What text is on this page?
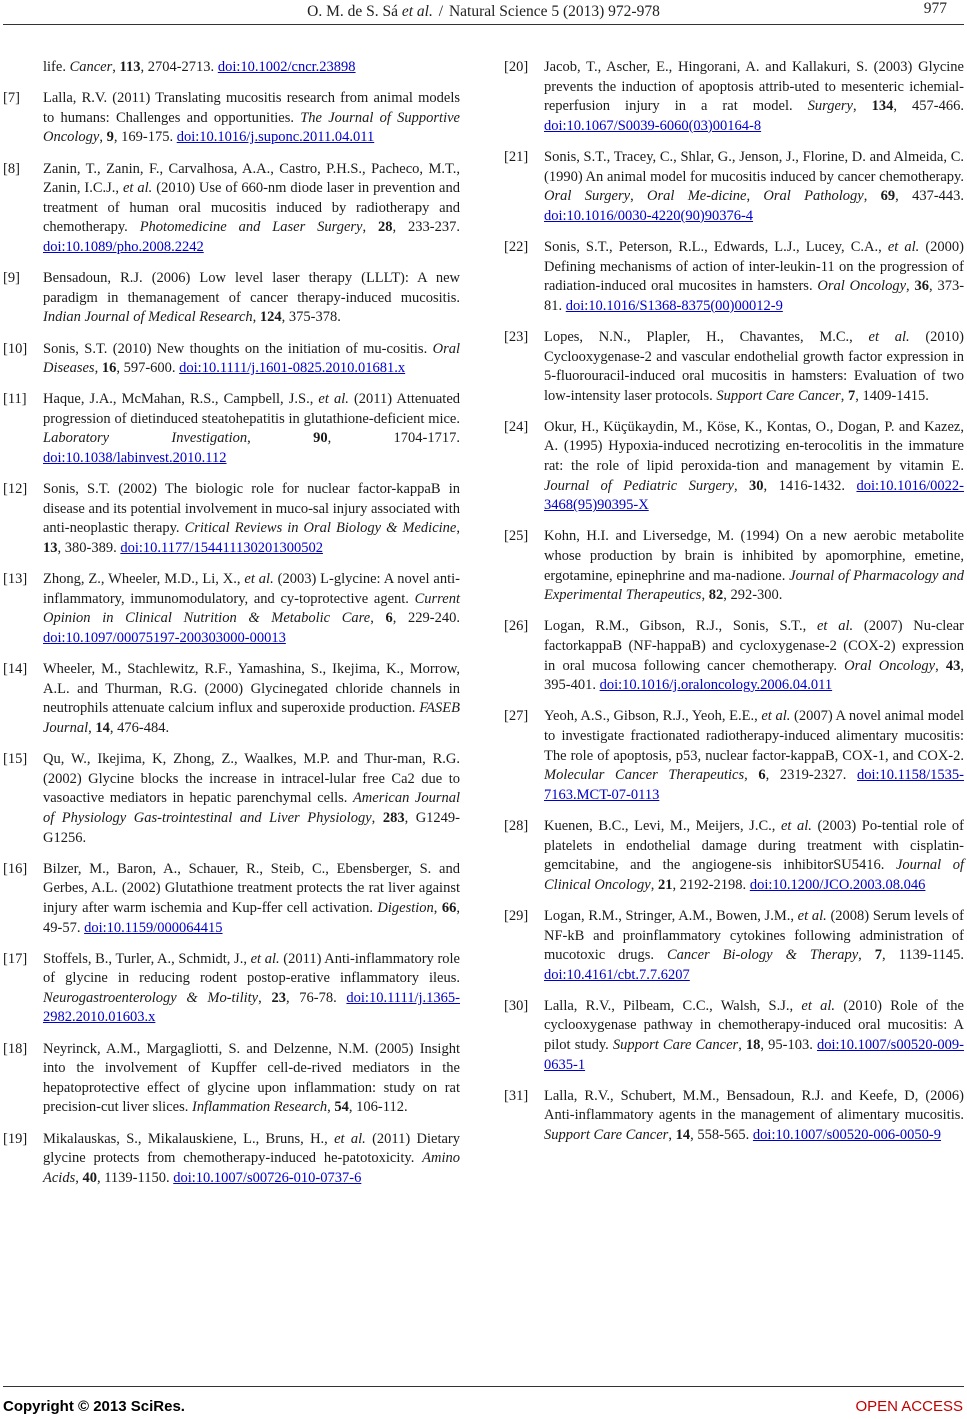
O. M. de S. Sá et al. / Natural Science 5 (2013) 972-978	977
life. Cancer, 113, 2704-2713. doi:10.1002/cncr.23898
[7]	Lalla, R.V. (2011) Translating mucositis research from animal models to humans: Challenges and opportunities. The Journal of Supportive Oncology, 9, 169-175. doi:10.1016/j.suponc.2011.04.011
[8]	Zanin, T., Zanin, F., Carvalhosa, A.A., Castro, P.H.S., Pacheco, M.T., Zanin, I.C.J., et al. (2010) Use of 660-nm diode laser in prevention and treatment of human oral mucositis induced by radiotherapy and chemotherapy. Photomedicine and Laser Surgery, 28, 233-237. doi:10.1089/pho.2008.2242
[9]	Bensadoun, R.J. (2006) Low level laser therapy (LLLT): A new paradigm in themanagement of cancer therapy-induced mucositis. Indian Journal of Medical Research, 124, 375-378.
[10]	Sonis, S.T. (2010) New thoughts on the initiation of mu-cositis. Oral Diseases, 16, 597-600. doi:10.1111/j.1601-0825.2010.01681.x
[11]	Haque, J.A., McMahan, R.S., Campbell, J.S., et al. (2011) Attenuated progression of dietinduced steatohepatitis in glutathione-deficient mice. Laboratory Investigation, 90, 1704-1717. doi:10.1038/labinvest.2010.112
[12]	Sonis, S.T. (2002) The biologic role for nuclear factor-kappaB in disease and its potential involvement in muco-sal injury associated with anti-neoplastic therapy. Critical Reviews in Oral Biology & Medicine, 13, 380-389. doi:10.1177/154411130201300502
[13]	Zhong, Z., Wheeler, M.D., Li, X., et al. (2003) L-glycine: A novel anti-inflammatory, immunomodulatory, and cy-toprotective agent. Current Opinion in Clinical Nutrition & Metabolic Care, 6, 229-240. doi:10.1097/00075197-200303000-00013
[14]	Wheeler, M., Stachlewitz, R.F., Yamashina, S., Ikejima, K., Morrow, A.L. and Thurman, R.G. (2000) Glycinegated chloride channels in neutrophils attenuate calcium influx and superoxide production. FASEB Journal, 14, 476-484.
[15]	Qu, W., Ikejima, K, Zhong, Z., Waalkes, M.P. and Thur-man, R.G. (2002) Glycine blocks the increase in intracel-lular free Ca2 due to vasoactive mediators in hepatic parenchymal cells. American Journal of Physiology Gas-trointestinal and Liver Physiology, 283, G1249-G1256.
[16]	Bilzer, M., Baron, A., Schauer, R., Steib, C., Ebensberger, S. and Gerbes, A.L. (2002) Glutathione treatment protects the rat liver against injury after warm ischemia and Kup-ffer cell activation. Digestion, 66, 49-57. doi:10.1159/000064415
[17]	Stoffels, B., Turler, A., Schmidt, J., et al. (2011) Anti-inflammatory role of glycine in reducing rodent postop-erative inflammatory ileus. Neurogastroenterology & Mo-tility, 23, 76-78. doi:10.1111/j.1365-2982.2010.01603.x
[18]	Neyrinck, A.M., Margagliotti, S. and Delzenne, N.M. (2005) Insight into the involvement of Kupffer cell-de-rived mediators in the hepatoprotective effect of glycine upon inflammation: study on rat precision-cut liver slices. Inflammation Research, 54, 106-112.
[19]	Mikalauskas, S., Mikalauskiene, L., Bruns, H., et al. (2011) Dietary glycine protects from chemotherapy-induced he-patotoxicity. Amino Acids, 40, 1139-1150. doi:10.1007/s00726-010-0737-6
[20]	Jacob, T., Ascher, E., Hingorani, A. and Kallakuri, S. (2003) Glycine prevents the induction of apoptosis attrib-uted to mesenteric ichemial-reperfusion injury in a rat model. Surgery, 134, 457-466. doi:10.1067/S0039-6060(03)00164-8
[21]	Sonis, S.T., Tracey, C., Shlar, G., Jenson, J., Florine, D. and Almeida, C. (1990) An animal model for mucositis induced by cancer chemotherapy. Oral Surgery, Oral Me-dicine, Oral Pathology, 69, 437-443. doi:10.1016/0030-4220(90)90376-4
[22]	Sonis, S.T., Peterson, R.L., Edwards, L.J., Lucey, C.A., et al. (2000) Defining mechanisms of action of inter-leukin-11 on the progression of radiation-induced oral mucosites in hamsters. Oral Oncology, 36, 373-81. doi:10.1016/S1368-8375(00)00012-9
[23]	Lopes, N.N., Plapler, H., Chavantes, M.C., et al. (2010) Cyclooxygenase-2 and vascular endothelial growth factor expression in 5-fluorouracil-induced oral mucositis in hamsters: Evaluation of two low-intensity laser protocols. Support Care Cancer, 7, 1409-1415.
[24]	Okur, H., Küçükaydin, M., Köse, K., Kontas, O., Dogan, P. and Kazez, A. (1995) Hypoxia-induced necrotizing en-terocolitis in the immature rat: the role of lipid peroxida-tion and management by vitamin E. Journal of Pediatric Surgery, 30, 1416-1432. doi:10.1016/0022-3468(95)90395-X
[25]	Kohn, H.I. and Liversedge, M. (1994) On a new aerobic metabolite whose production by brain is inhibited by apomorphine, emetine, ergotamine, epinephrine and ma-nadione. Journal of Pharmacology and Experimental Therapeutics, 82, 292-300.
[26]	Logan, R.M., Gibson, R.J., Sonis, S.T., et al. (2007) Nu-clear factorkappaB (NF-happaB) and cycloxygenase-2 (COX-2) expression in oral mucosa following cancer chemotherapy. Oral Oncology, 43, 395-401. doi:10.1016/j.oraloncology.2006.04.011
[27]	Yeoh, A.S., Gibson, R.J., Yeoh, E.E., et al. (2007) A novel animal model to investigate fractionated radiotherapy-induced alimentary mucositis: The role of apoptosis, p53, nuclear factor-kappaB, COX-1, and COX-2. Molecular Cancer Therapeutics, 6, 2319-2327. doi:10.1158/1535-7163.MCT-07-0113
[28]	Kuenen, B.C., Levi, M., Meijers, J.C., et al. (2003) Po-tential role of platelets in endothelial damage during treatment with cisplatin-gemcitabine, and the angiogene-sis inhibitorSU5416. Journal of Clinical Oncology, 21, 2192-2198. doi:10.1200/JCO.2003.08.046
[29]	Logan, R.M., Stringer, A.M., Bowen, J.M., et al. (2008) Serum levels of NF-kB and proinflammatory cytokines following administration of mucotoxic drugs. Cancer Bi-ology & Therapy, 7, 1139-1145. doi:10.4161/cbt.7.7.6207
[30]	Lalla, R.V., Pilbeam, C.C., Walsh, S.J., et al. (2010) Role of the cyclooxygenase pathway in chemotherapy-induced oral mucositis: A pilot study. Support Care Cancer, 18, 95-103. doi:10.1007/s00520-009-0635-1
[31]	Lalla, R.V., Schubert, M.M., Bensadoun, R.J. and Keefe, D, (2006) Anti-inflammatory agents in the management of alimentary mucositis. Support Care Cancer, 14, 558-565. doi:10.1007/s00520-006-0050-9
Copyright © 2013 SciRes.	OPEN ACCESS
